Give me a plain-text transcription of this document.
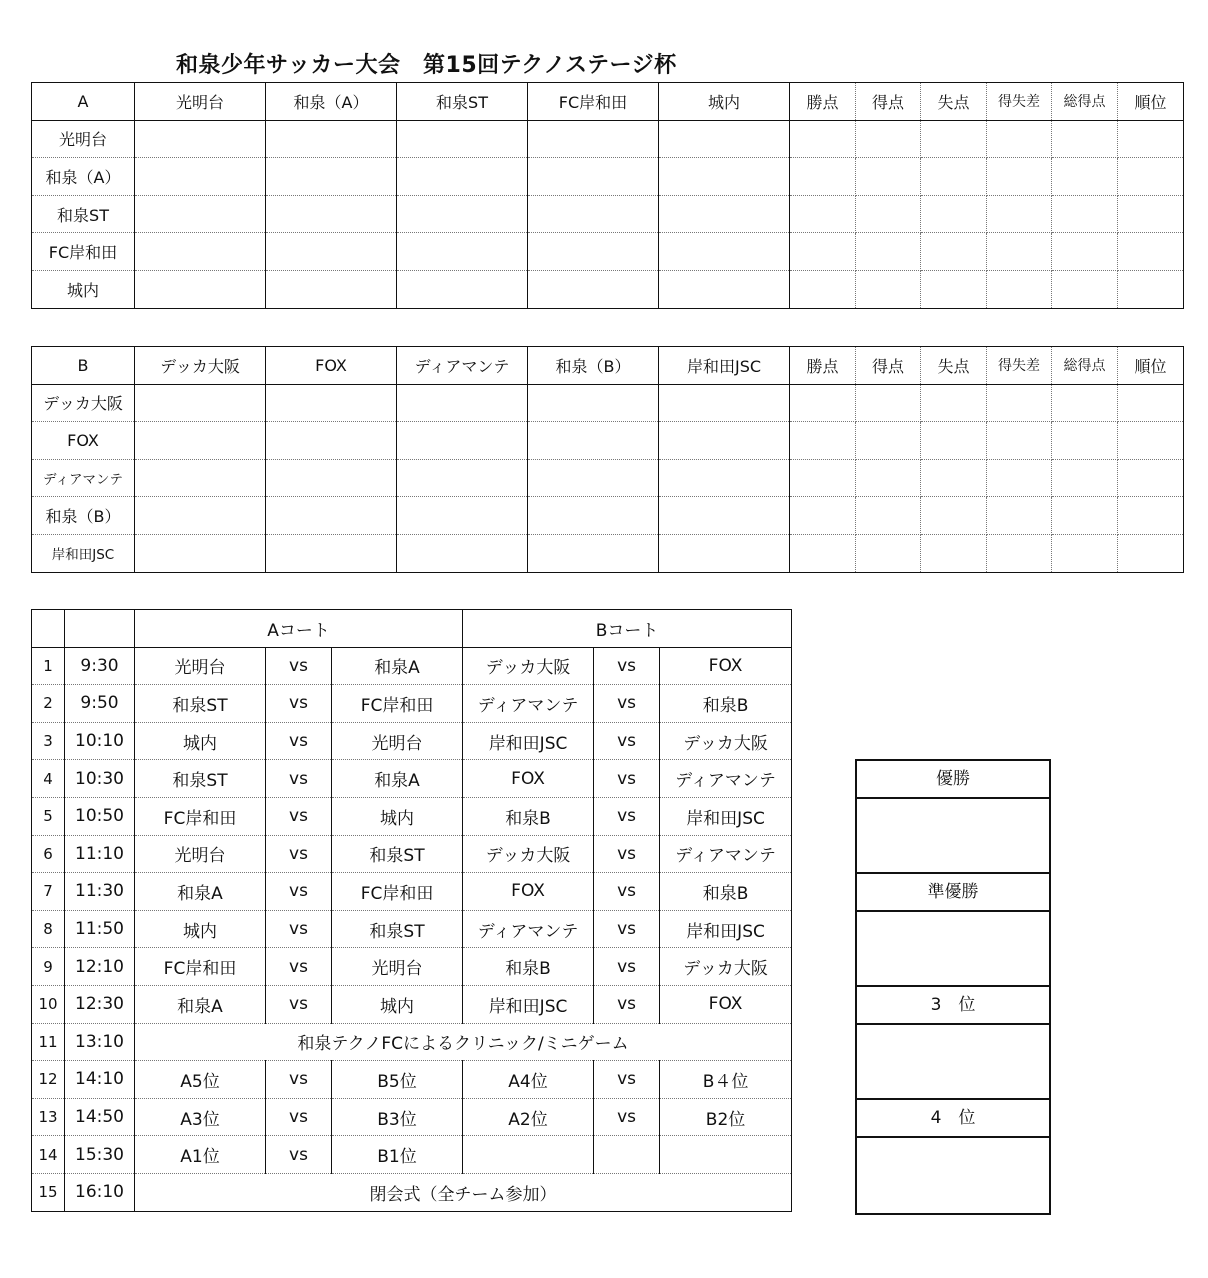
和泉少年サッカー大会　第15回テクノステージ杯
A	光明台	和泉（A）	和泉ST	FC岸和田	城内	勝点	得点	失点	得失差	総得点	順位
光明台											
和泉（A）											
和泉ST											
FC岸和田											
城内											
B	デッカ大阪	FOX	ディアマンテ	和泉（B）	岸和田JSC	勝点	得点	失点	得失差	総得点	順位
デッカ大阪											
FOX											
ディアマンテ											
和泉（B）											
岸和田JSC											
		Aコート			Bコート		
1	9:30	光明台	vs	和泉A	デッカ大阪	vs	FOX
2	9:50	和泉ST	vs	FC岸和田	ディアマンテ	vs	和泉B
3	10:10	城内	vs	光明台	岸和田JSC	vs	デッカ大阪
4	10:30	和泉ST	vs	和泉A	FOX	vs	ディアマンテ
5	10:50	FC岸和田	vs	城内	和泉B	vs	岸和田JSC
6	11:10	光明台	vs	和泉ST	デッカ大阪	vs	ディアマンテ
7	11:30	和泉A	vs	FC岸和田	FOX	vs	和泉B
8	11:50	城内	vs	和泉ST	ディアマンテ	vs	岸和田JSC
9	12:10	FC岸和田	vs	光明台	和泉B	vs	デッカ大阪
10	12:30	和泉A	vs	城内	岸和田JSC	vs	FOX
11	13:10	和泉テクノFCによるクリニック/ミニゲーム					
12	14:10	A5位	vs	B5位	A4位	vs	B４位
13	14:50	A3位	vs	B3位	A2位	vs	B2位
14	15:30	A1位	vs	B1位			
15	16:10	閉会式（全チーム参加）					
優勝
準優勝
3　位
4　位
